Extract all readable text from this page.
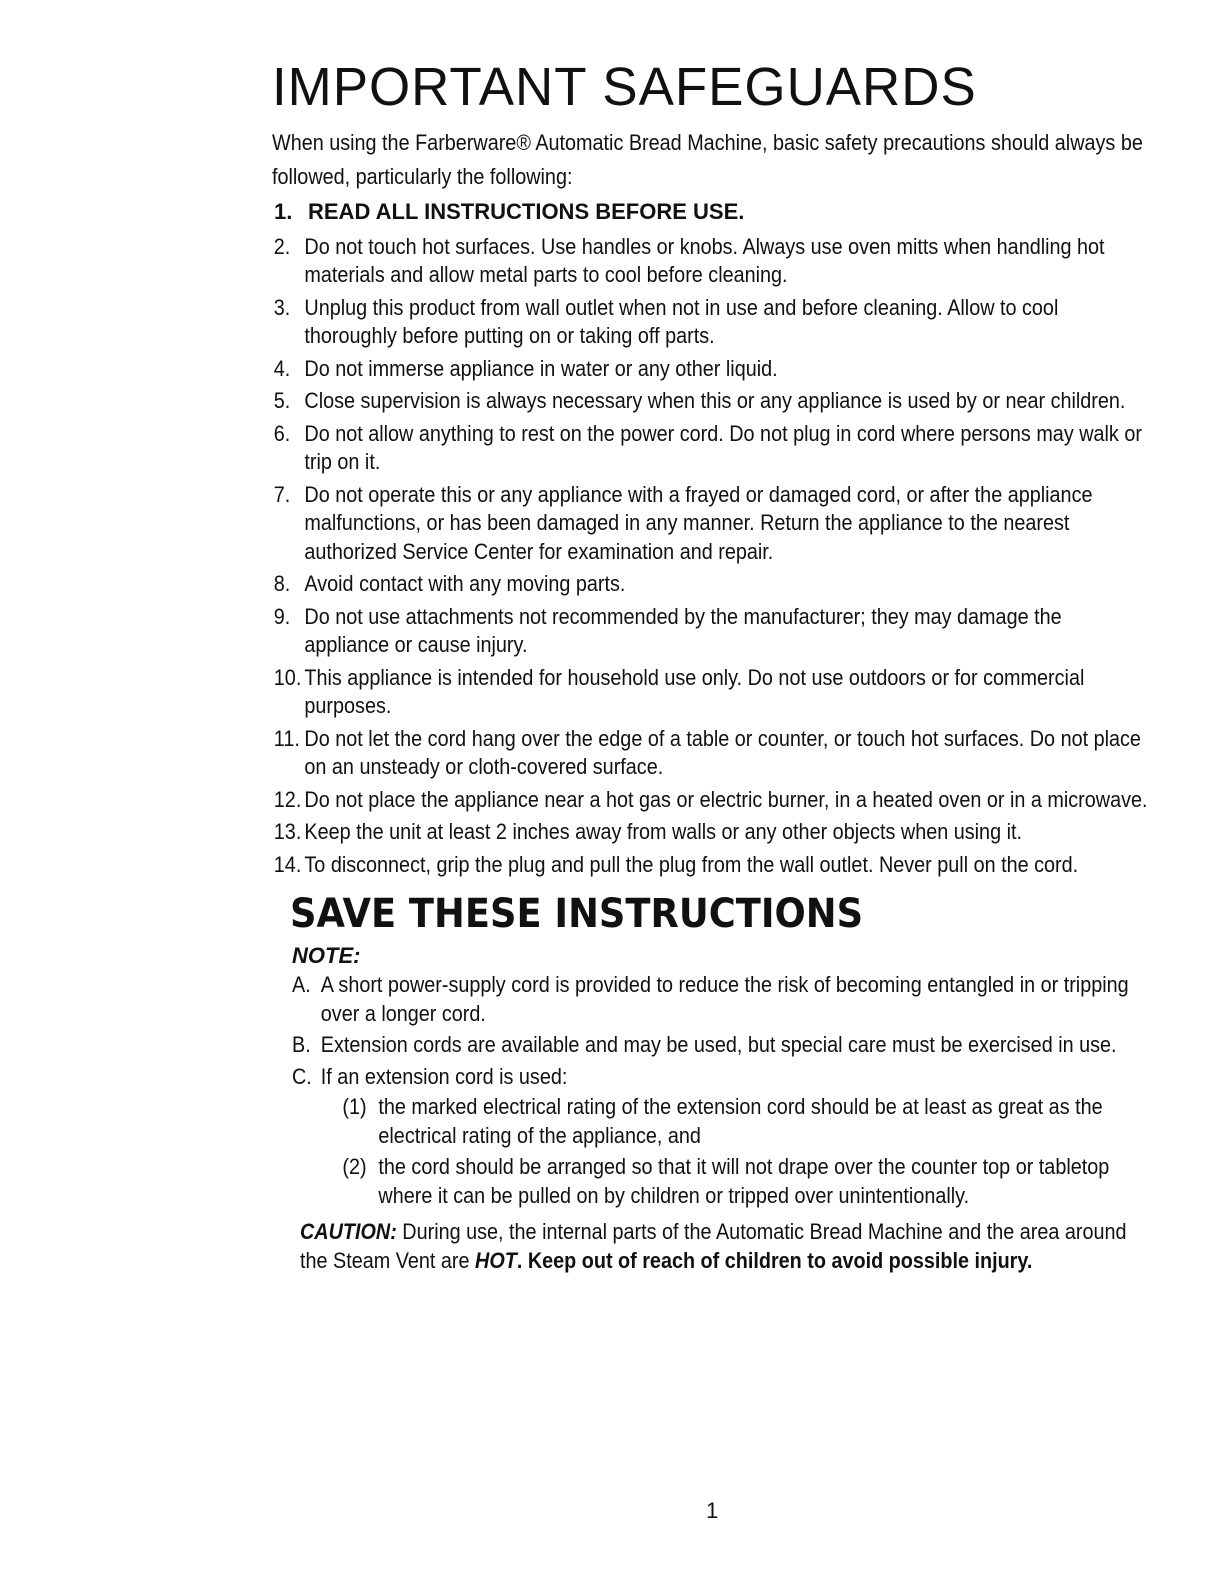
IMPORTANT SAFEGUARDS

When using the Farberware® Automatic Bread Machine, basic safety precautions should always be followed, particularly the following:

1. READ ALL INSTRUCTIONS BEFORE USE.
2. Do not touch hot surfaces. Use handles or knobs. Always use oven mitts when handling hot materials and allow metal parts to cool before cleaning.
3. Unplug this product from wall outlet when not in use and before cleaning. Allow to cool thoroughly before putting on or taking off parts.
4. Do not immerse appliance in water or any other liquid.
5. Close supervision is always necessary when this or any appliance is used by or near children.
6. Do not allow anything to rest on the power cord. Do not plug in cord where persons may walk or trip on it.
7. Do not operate this or any appliance with a frayed or damaged cord, or after the appliance malfunctions, or has been damaged in any manner. Return the appliance to the nearest authorized Service Center for examination and repair.
8. Avoid contact with any moving parts.
9. Do not use attachments not recommended by the manufacturer; they may damage the appliance or cause injury.
10. This appliance is intended for household use only. Do not use outdoors or for commercial purposes.
11. Do not let the cord hang over the edge of a table or counter, or touch hot surfaces. Do not place on an unsteady or cloth-covered surface.
12. Do not place the appliance near a hot gas or electric burner, in a heated oven or in a microwave.
13. Keep the unit at least 2 inches away from walls or any other objects when using it.
14. To disconnect, grip the plug and pull the plug from the wall outlet. Never pull on the cord.
SAVE THESE INSTRUCTIONS
NOTE:
A. A short power-supply cord is provided to reduce the risk of becoming entangled in or tripping over a longer cord.
B. Extension cords are available and may be used, but special care must be exercised in use.
C. If an extension cord is used:
(1) the marked electrical rating of the extension cord should be at least as great as the electrical rating of the appliance, and
(2) the cord should be arranged so that it will not drape over the counter top or tabletop where it can be pulled on by children or tripped over unintentionally.

CAUTION: During use, the internal parts of the Automatic Bread Machine and the area around the Steam Vent are HOT. Keep out of reach of children to avoid possible injury.

1
